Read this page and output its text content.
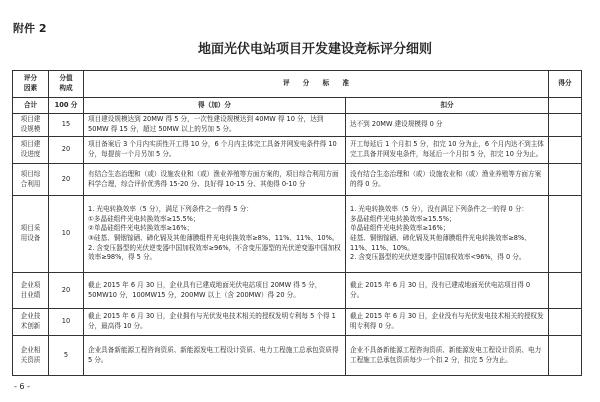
附件 2
地面光伏电站项目开发建设竞标评分细则
评分
因素	分值
构成	评　　分　　标　　准		得分
合计	100 分	得（加）分	扣分	
项目建
设规模	15	项目建设规模达到 20MW 得 5 分，一次性建设规模达到 40MW 得 10 分，达到 50MW 得 15 分，超过 50MW 以上的另加 5 分。	达不到 20MW 建设规模得 0 分	
项目建
设进度	20	项目备案后 3 个月内实质性开工得 10 分，6 个月内主体完工具备并网发电条件得 10 分，每提前一个月另加 5 分。	开工每延后 1 个月扣 5 分，扣完 10 分为止，6 个月内达不到主体完工具备并网发电条件，每延后一个月扣 5 分，扣完 10 分为止。	
项目综
合利用	20	有结合生态治理和（或）设施农业和（或）渔业养殖等方面方案的，项目综合利用方面科学合理，综合评价优秀得 15-20 分、良好得 10-15 分、其他得 0-10 分	没有结合生态治理和（或）设施农业和（或）渔业养殖等方面方案的得 0 分。	
项目采
用设备	10	1. 光电转换效率（5 分），满足下列条件之一的得 5 分：
①多晶硅组件光电转换效率≥15.5%；
②单晶硅组件光电转换效率≥16%；
③硅基、铜铟镓硒、碲化镉及其他薄膜组件光电转换效率≥8%、11%、11%、10%。
2. 含变压器型的光伏逆变器中国加权效率≥96%，不含变压器型的光伏逆变器中国加权效率≥98%，得 5 分。	1. 光电转换效率（5 分），没有满足下列条件之一的得 0 分：
多晶硅组件光电转换效率≥15.5%；
单晶硅组件光电转换效率≥16%；
硅基、铜铟镓硒、碲化镉及其他薄膜组件光电转换效率≥8%、11%、11%、10%。
2. 含变压器型的光伏逆变器中国加权效率<96%，得 0 分。	
企业项
目业绩	20	截止 2015 年 6 月 30 日，企业具有已建成地面光伏电站项目 20MW 得 5 分，50MW10 分，100MW15 分，200MW 以上（含 200MW）得 20 分。	截止 2015 年 6 月 30 日，没有已建成地面光伏电站项目得 0 分。	
企业技
术创新	10	截止 2015 年 6 月 30 日，企业拥有与光伏发电技术相关的授权发明专利每 5 个得 1 分，最高得 10 分。	截止 2015 年 6 月 30 日，企业没有与光伏发电技术相关的授权发明专利得 0 分。	
企业相
关资质	5	企业具备新能源工程咨询资质、新能源发电工程设计资质、电力工程施工总承包资质得 5 分。	企业不具备新能源工程咨询资质、新能源发电工程设计资质、电力工程施工总承包资质每少一个扣 2 分，扣完 5 分为止。	
- 6 -
